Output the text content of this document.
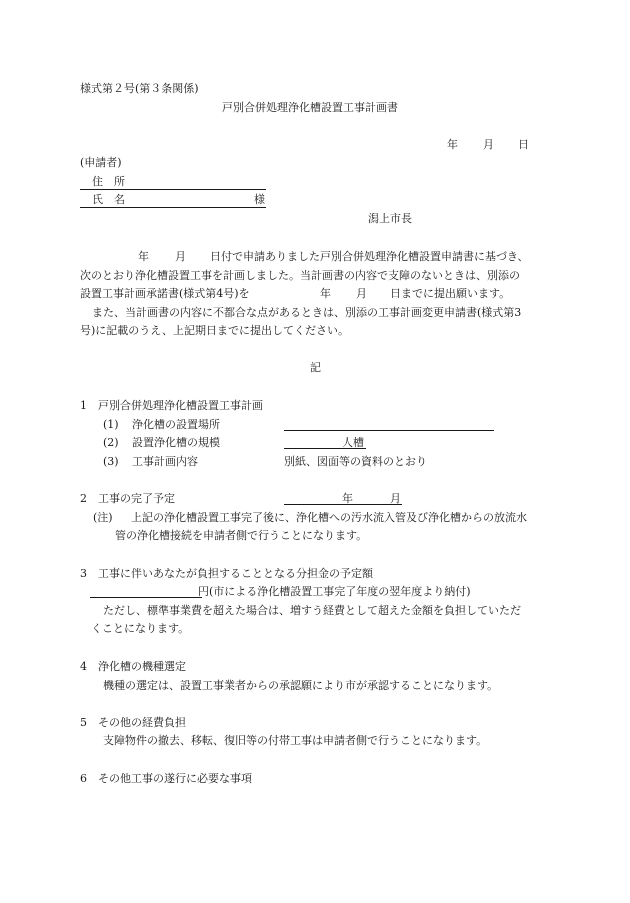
様式第２号(第３条関係)
戸別合併処理浄化槽設置工事計画書
年 月 日
(申請者)
住　所
氏　名	様
潟上市長
年 月 日付で申請ありました戸別合併処理浄化槽設置申請書に基づき、
次のとおり浄化槽設置工事を計画しました。当計画書の内容で支障のないときは、別添の
設置工事計画承諾書(様式第4号)を	年 月 日までに提出願います。
また、当計画書の内容に不都合な点があるときは、別添の工事計画変更申請書(様式第3
号)に記載のうえ、上記期日までに提出してください。
記
1　戸別合併処理浄化槽設置工事計画
(1) 浄化槽の設置場所
(2) 設置浄化槽の規模	人槽
(3) 工事計画内容	別紙、図面等の資料のとおり
2　工事の完了予定	年	月
(注) 上記の浄化槽設置工事完了後に、浄化槽への汚水流入管及び浄化槽からの放流水
管の浄化槽接続を申請者側で行うことになります。
3　工事に伴いあなたが負担することとなる分担金の予定額
円(市による浄化槽設置工事完了年度の翌年度より納付)
ただし、標準事業費を超えた場合は、増すう経費として超えた金額を負担していただ
くことになります。
4　浄化槽の機種選定
機種の選定は、設置工事業者からの承認願により市が承認することになります。
5　その他の経費負担
支障物件の撤去、移転、復旧等の付帯工事は申請者側で行うことになります。
6　その他工事の遂行に必要な事項
